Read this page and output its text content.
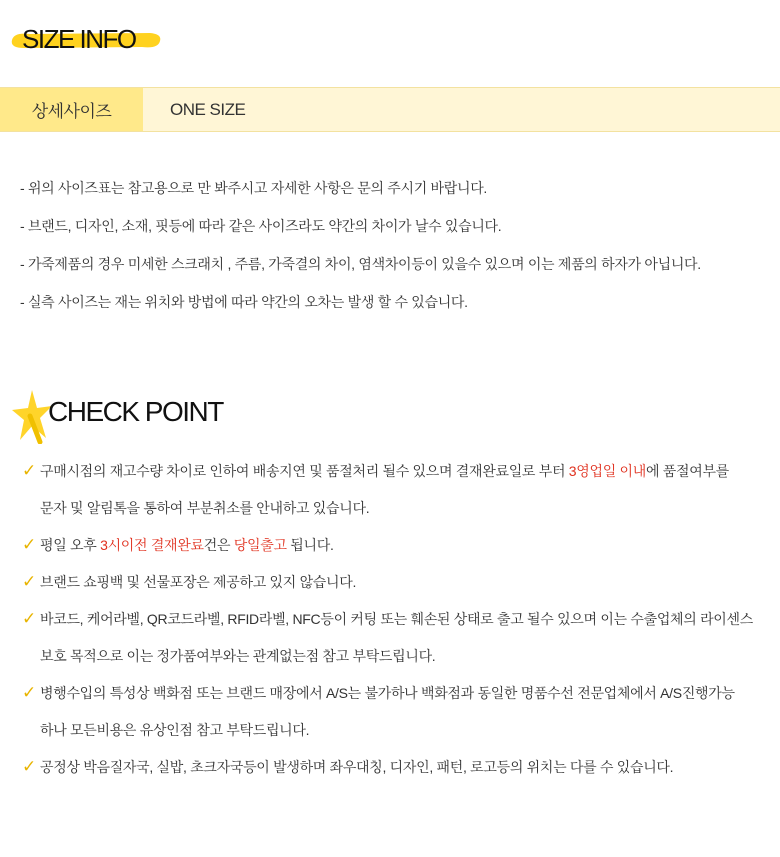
SIZE INFO
상세사이즈	ONE SIZE
- 위의 사이즈표는 참고용으로 만 봐주시고 자세한 사항은 문의 주시기 바랍니다.
- 브랜드, 디자인, 소재, 핏등에 따라 같은 사이즈라도 약간의 차이가 날수 있습니다.
- 가죽제품의 경우 미세한 스크래치 , 주름, 가죽결의 차이, 염색차이등이 있을수 있으며 이는 제품의 하자가 아닙니다.
- 실측 사이즈는 재는 위치와 방법에 따라 약간의 오차는 발생 할 수 있습니다.
CHECK POINT
✓ 구매시점의 재고수량 차이로 인하여 배송지연 및 품절처리 될수 있으며 결재완료일로 부터 3영업일 이내에 품절여부를
문자 및 알림톡을 통하여 부분취소를 안내하고 있습니다.
✓ 평일 오후 3시이전 결재완료건은 당일출고 됩니다.
✓ 브랜드 쇼핑백 및 선물포장은 제공하고 있지 않습니다.
✓ 바코드, 케어라벨, QR코드라벨, RFID라벨, NFC등이 커팅 또는 훼손된 상태로 출고 될수 있으며 이는 수출업체의 라이센스
보호 목적으로 이는 정가품여부와는 관계없는점 참고 부탁드립니다.
✓ 병행수입의 특성상 백화점 또는 브랜드 매장에서 A/S는 불가하나 백화점과 동일한 명품수선 전문업체에서 A/S진행가능
하나 모든비용은 유상인점 참고 부탁드립니다.
✓ 공정상 박음질자국, 실밥, 초크자국등이 발생하며 좌우대칭, 디자인, 패턴, 로고등의 위치는 다를 수 있습니다.
